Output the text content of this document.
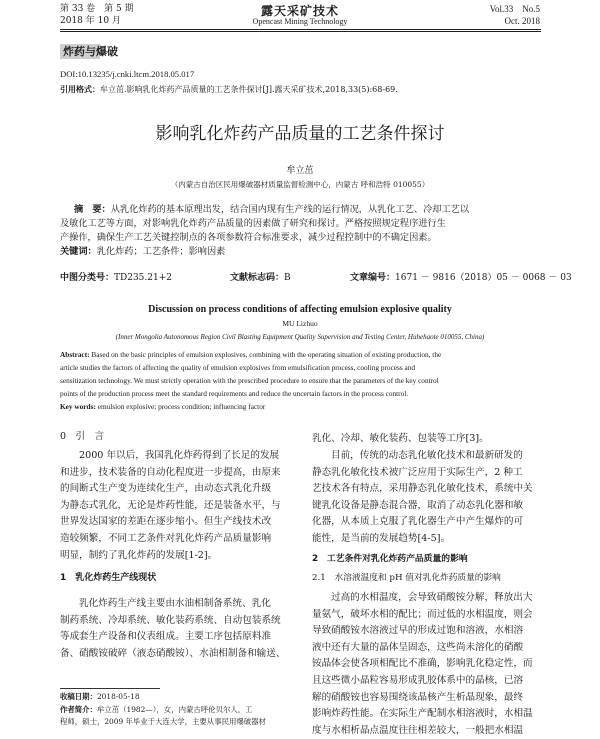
第 33 卷　第 5 期
2018 年 10 月
露天采矿技术
Opencast Mining Technology
Vol.33　No.5
Oct. 2018
炸药与爆破
DOI:10.13235/j.cnki.ltcm.2018.05.017
引用格式：牟立茁.影响乳化炸药产品质量的工艺条件探讨[J].露天采矿技术,2018,33(5):68-69.
影响乳化炸药产品质量的工艺条件探讨
牟立茁
（内蒙古自治区民用爆破器材质量监督检测中心，内蒙古 呼和浩特 010055）
摘　要：从乳化炸药的基本原理出发，结合国内现有生产线的运行情况，从乳化工艺、冷却工艺以
及敏化工艺等方面，对影响乳化炸药产品质量的因素做了研究和探讨。严格按照规定程序进行生
产操作，确保生产工艺关键控制点的各项参数符合标准要求，减少过程控制中的不确定因素。
关键词：乳化炸药；工艺条件；影响因素
中图分类号：TD235.21+2	文献标志码：B	文章编号：1671 － 9816（2018）05 － 0068 － 03
Discussion on process conditions of affecting emulsion explosive quality
MU Lizhuo
(Inner Mongolia Autonomous Region Civil Blasting Equipment Quality Supervision and Testing Center, Huhehaote 010055, China)
Abstract: Based on the basic principles of emulsion explosives, combining with the operating situation of existing production, the
article studies the factors of affecting the quality of emulsion explosives from emulsification process, cooling process and
sensitization technology. We must strictly operation with the prescribed procedure to ensure that the parameters of the key control
points of the production process meet the standard requirements and reduce the uncertain factors in the process control.
Key words: emulsion explosive; process condition; influencing factor
0　引　言
2000 年以后，我国乳化炸药得到了长足的发展
和进步，技术装备的自动化程度进一步提高，由原来
的间断式生产变为连续化生产，由动态式乳化升级
为静态式乳化，无论是炸药性能，还是装备水平，与
世界发达国家的差距在逐步缩小。但生产线技术改
造较频繁，不同工艺条件对乳化炸药产品质量影响
明显，制约了乳化炸药的发展[1-2]。
1　乳化炸药生产线现状
乳化炸药生产线主要由水油相制备系统、乳化
制药系统、冷却系统、敏化装药系统、自动包装系统
等成套生产设备和仪表组成。主要工序包括原料准
备、硝酸铵破碎（液态硝酸铵）、水油相制备和输送、
收稿日期：2018-05-18
作者简介：牟立茁（1982—），女，内蒙古呼伦贝尔人，工
程师，硕士，2009 年毕业于大连大学，主要从事民用爆破器材
乳化、冷却、敏化装药、包装等工序[3]。
目前，传统的动态乳化敏化技术和最新研发的
静态乳化敏化技术被广泛应用于实际生产，2 种工
艺技术各有特点，采用静态乳化敏化技术，系统中关
键乳化设备是静态混合器，取消了动态乳化器和敏
化器，从本质上克服了乳化器生产中产生爆炸的可
能性，是当前的发展趋势[4-5]。
2　工艺条件对乳化炸药产品质量的影响
2.1　水溶液温度和 pH 值对乳化炸药质量的影响
过高的水相温度，会导致硝酸铵分解，释放出大
量氨气，破坏水相的配比；而过低的水相温度，则会
导致硝酸铵水溶液过早的形成过饱和溶液，水相溶
液中还有大量的晶体呈固态，这些尚未溶化的硝酸
铵晶体会使各项相配比不准确，影响乳化稳定性，而
且这些微小晶粒容易形成乳胶体系中的晶核，已溶
解的硝酸铵也容易围绕该晶核产生析晶现象，最终
影响炸药性能。在实际生产配制水相溶液时，水相温
度与水相析晶点温度往往相差较大，一般把水相温
